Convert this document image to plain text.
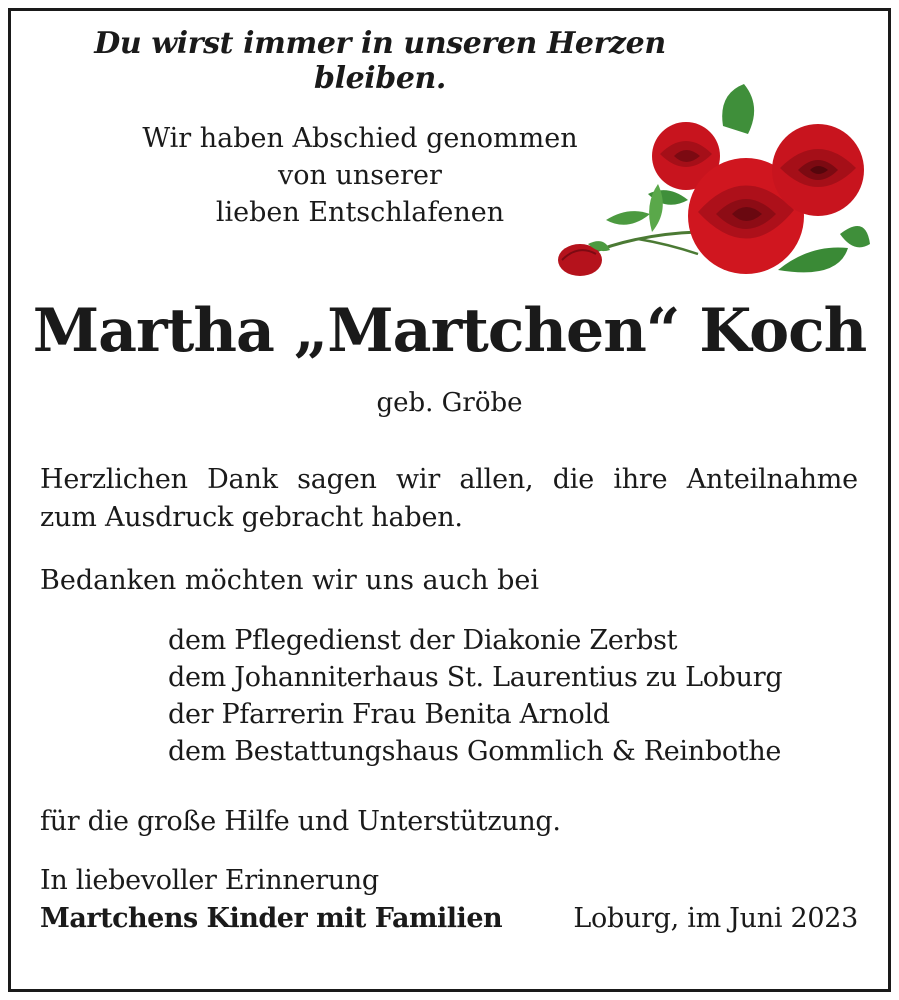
Du wirst immer in unseren Herzen bleiben.
Wir haben Abschied genommen
von unserer
lieben Entschlafenen
Martha „Martchen“ Koch
geb. Gröbe
Herzlichen Dank sagen wir allen, die ihre Anteilnahme
zum Ausdruck gebracht haben.
Bedanken möchten wir uns auch bei
dem Pflegedienst der Diakonie Zerbst
dem Johanniterhaus St. Laurentius zu Loburg
der Pfarrerin Frau Benita Arnold
dem Bestattungshaus Gommlich & Reinbothe
für die große Hilfe und Unterstützung.
In liebevoller Erinnerung
Martchens Kinder mit Familien	Loburg, im Juni 2023
